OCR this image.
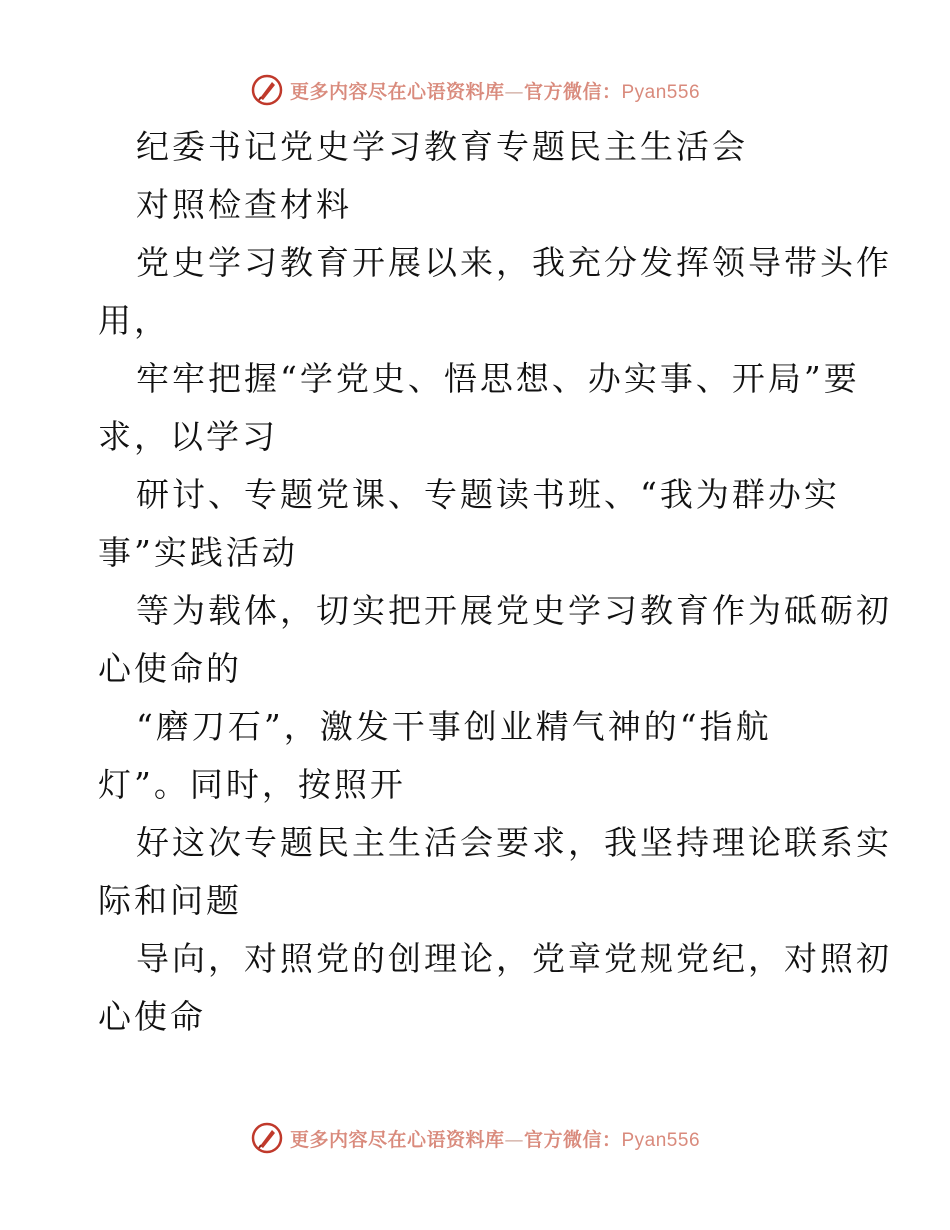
更多内容尽在心语资料库—官方微信：Pyan556
纪委书记党史学习教育专题民主生活会
对照检查材料
党史学习教育开展以来，我充分发挥领导带头作
用，
牢牢把握“学党史、悟思想、办实事、开局”要
求，以学习
研讨、专题党课、专题读书班、“我为群办实
事”实践活动
等为载体，切实把开展党史学习教育作为砥砺初
心使命的
“磨刀石”，激发干事创业精气神的“指航
灯”。同时，按照开
好这次专题民主生活会要求，我坚持理论联系实
际和问题
导向，对照党的创理论，党章党规党纪，对照初
心使命
更多内容尽在心语资料库—官方微信：Pyan556
